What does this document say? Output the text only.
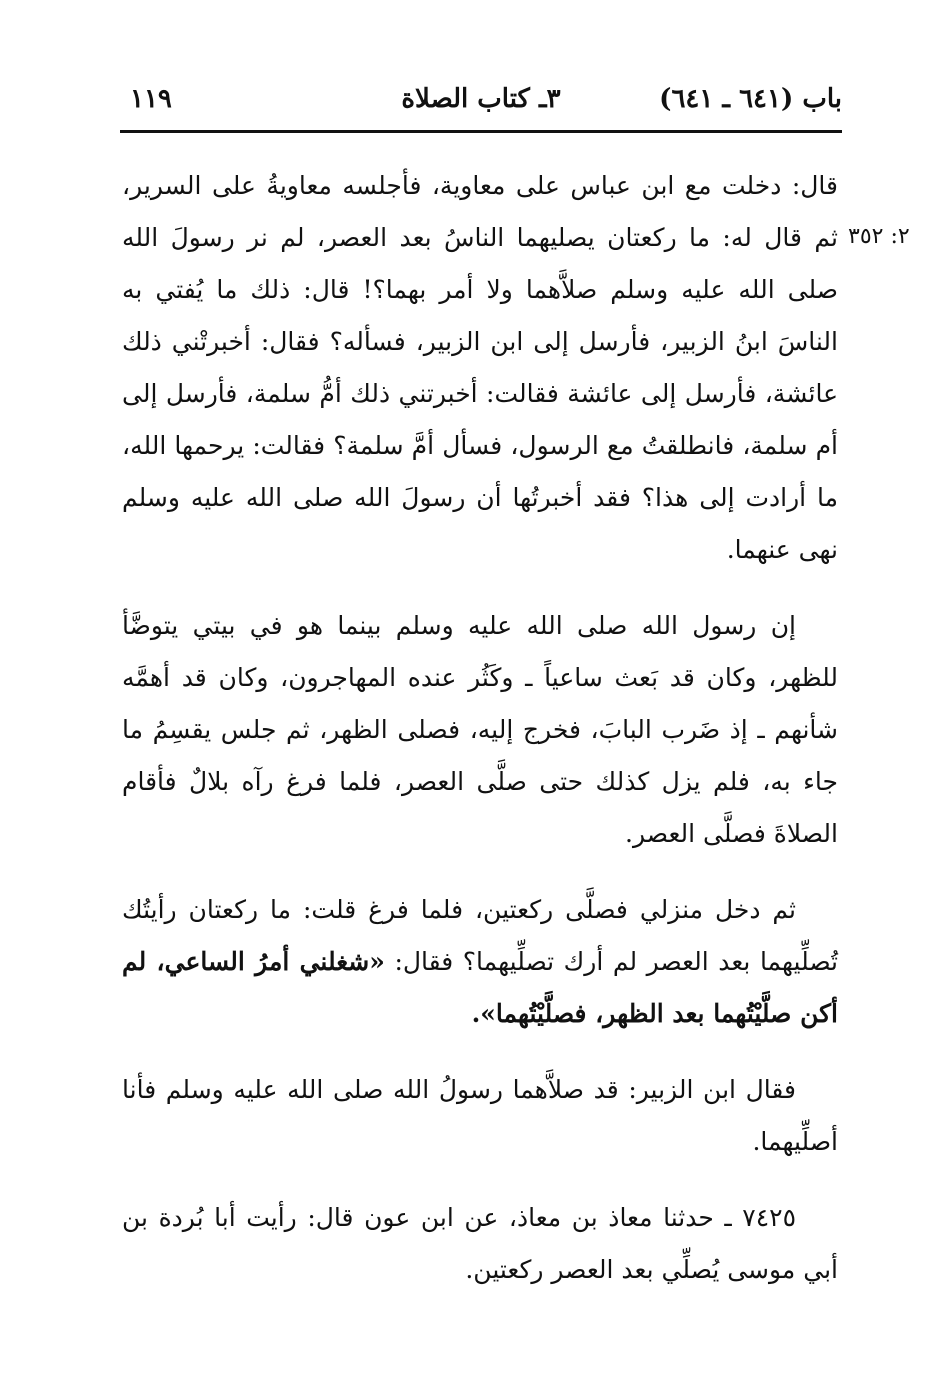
باب (٦٤١ ـ ٦٤١)
٣ـ كتاب الصلاة
١١٩
٢: ٣٥٢

قال: دخلت مع ابن عباس على معاوية، فأجلسه معاويةُ على السرير، ثم قال له: ما ركعتان يصليهما الناسُ بعد العصر، لم نر رسولَ الله صلى الله عليه وسلم صلاَّهما ولا أمر بهما؟! قال: ذلك ما يُفتي به الناسَ ابنُ الزبير، فأرسل إلى ابن الزبير، فسأله؟ فقال: أخبرتْني ذلك عائشة، فأرسل إلى عائشة فقالت: أخبرتني ذلك أمُّ سلمة، فأرسل إلى أم سلمة، فانطلقتُ مع الرسول، فسأل أمَّ سلمة؟ فقالت: يرحمها الله، ما أرادت إلى هذا؟ فقد أخبرتُها أن رسولَ الله صلى الله عليه وسلم نهى عنهما.

إن رسول الله صلى الله عليه وسلم بينما هو في بيتي يتوضَّأ للظهر، وكان قد بَعث ساعياً ـ وكَثُر عنده المهاجرون، وكان قد أهمَّه شأنهم ـ إذ ضَرب البابَ، فخرج إليه، فصلى الظهر، ثم جلس يقسِمُ ما جاء به، فلم يزل كذلك حتى صلَّى العصر، فلما فرغ رآه بلالٌ فأقام الصلاةَ فصلَّى العصر.

ثم دخل منزلي فصلَّى ركعتين، فلما فرغ قلت: ما ركعتان رأيتُك تُصلِّيهما بعد العصر لم أرك تصلِّيهما؟ فقال: «شغلني أمرُ الساعي، لم أكن صلَّيْتُهما بعد الظهر، فصلَّيْتُهما».

فقال ابن الزبير: قد صلاَّهما رسولُ الله صلى الله عليه وسلم فأنا أصلِّيهما.

٧٤٢٥ ـ حدثنا معاذ بن معاذ، عن ابن عون قال: رأيت أبا بُردة بن أبي موسى يُصلِّي بعد العصر ركعتين.
